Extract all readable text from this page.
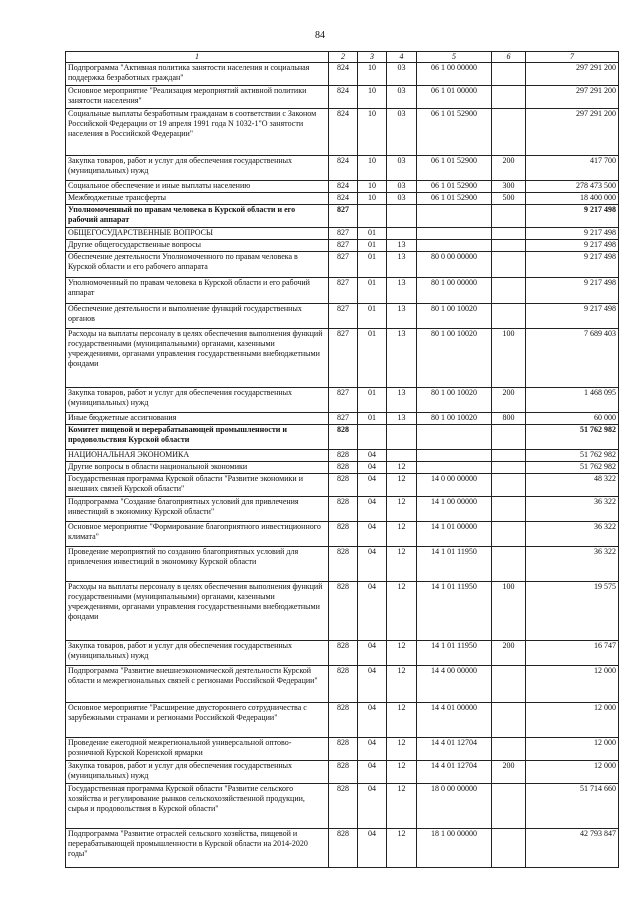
84
1	2	3	4	5	6	7
Подпрограмма "Активная политика занятости населения и социальная поддержка безработных граждан"	824	10	03	06 1 00 00000		297 291 200
Основное мероприятие "Реализация мероприятий активной политики занятости населения"	824	10	03	06 1 01 00000		297 291 200
Социальные выплаты безработным гражданам в соответствии с Законом Российской Федерации от 19 апреля 1991 года N 1032-1"О занятости населения в Российской Федерации"	824	10	03	06 1 01 52900		297 291 200
Закупка товаров, работ и услуг для обеспечения государственных (муниципальных) нужд	824	10	03	06 1 01 52900	200	417 700
Социальное обеспечение и иные выплаты населению	824	10	03	06 1 01 52900	300	278 473 500
Межбюджетные трансферты	824	10	03	06 1 01 52900	500	18 400 000
Уполномоченный по правам человека в Курской области и его рабочий аппарат	827					9 217 498
ОБЩЕГОСУДАРСТВЕННЫЕ ВОПРОСЫ	827	01				9 217 498
Другие общегосударственные вопросы	827	01	13			9 217 498
Обеспечение деятельности Уполномоченного по правам человека в Курской области и его рабочего аппарата	827	01	13	80 0 00 00000		9 217 498
Уполномоченный по правам человека в Курской области и его рабочий аппарат	827	01	13	80 1 00 00000		9 217 498
Обеспечение деятельности и выполнение функций государственных органов	827	01	13	80 1 00 10020		9 217 498
Расходы на выплаты персоналу в целях обеспечения выполнения функций государственными (муниципальными) органами, казенными учреждениями, органами управления государственными внебюджетными фондами	827	01	13	80 1 00 10020	100	7 689 403
Закупка товаров, работ и услуг для обеспечения государственных (муниципальных) нужд	827	01	13	80 1 00 10020	200	1 468 095
Иные бюджетные ассигнования	827	01	13	80 1 00 10020	800	60 000
Комитет пищевой и перерабатывающей промышленности и продовольствия Курской области	828					51 762 982
НАЦИОНАЛЬНАЯ ЭКОНОМИКА	828	04				51 762 982
Другие вопросы в области национальной экономики	828	04	12			51 762 982
Государственная программа Курской области "Развитие экономики и внешних связей Курской области"	828	04	12	14 0 00 00000		48 322
Подпрограмма "Создание благоприятных условий для привлечения инвестиций в экономику Курской области"	828	04	12	14 1 00 00000		36 322
Основное мероприятие "Формирование благоприятного инвестиционного климата"	828	04	12	14 1 01 00000		36 322
Проведение мероприятий по созданию благоприятных условий для привлечения инвестиций в экономику Курской области	828	04	12	14 1 01 11950		36 322
Расходы на выплаты персоналу в целях обеспечения выполнения функций государственными (муниципальными) органами, казенными учреждениями, органами управления государственными внебюджетными фондами	828	04	12	14 1 01 11950	100	19 575
Закупка товаров, работ и услуг для обеспечения государственных (муниципальных) нужд	828	04	12	14 1 01 11950	200	16 747
Подпрограмма "Развитие внешнеэкономической деятельности Курской области и межрегиональных связей с регионами Российской Федерации"	828	04	12	14 4 00 00000		12 000
Основное мероприятие "Расширение двустороннего сотрудничества с зарубежными странами и регионами Российской Федерации"	828	04	12	14 4 01 00000		12 000
Проведение ежегодной межрегиональной универсальной оптово-розничной Курской Коренской ярмарки	828	04	12	14 4 01 12704		12 000
Закупка товаров, работ и услуг для обеспечения государственных (муниципальных) нужд	828	04	12	14 4 01 12704	200	12 000
Государственная программа Курской области "Развитие сельского хозяйства и регулирование рынков сельскохозяйственной продукции, сырья и продовольствия в Курской области"	828	04	12	18 0 00 00000		51 714 660
Подпрограмма "Развитие отраслей сельского хозяйства, пищевой и перерабатывающей промышленности в Курской области на 2014-2020 годы"	828	04	12	18 1 00 00000		42 793 847
